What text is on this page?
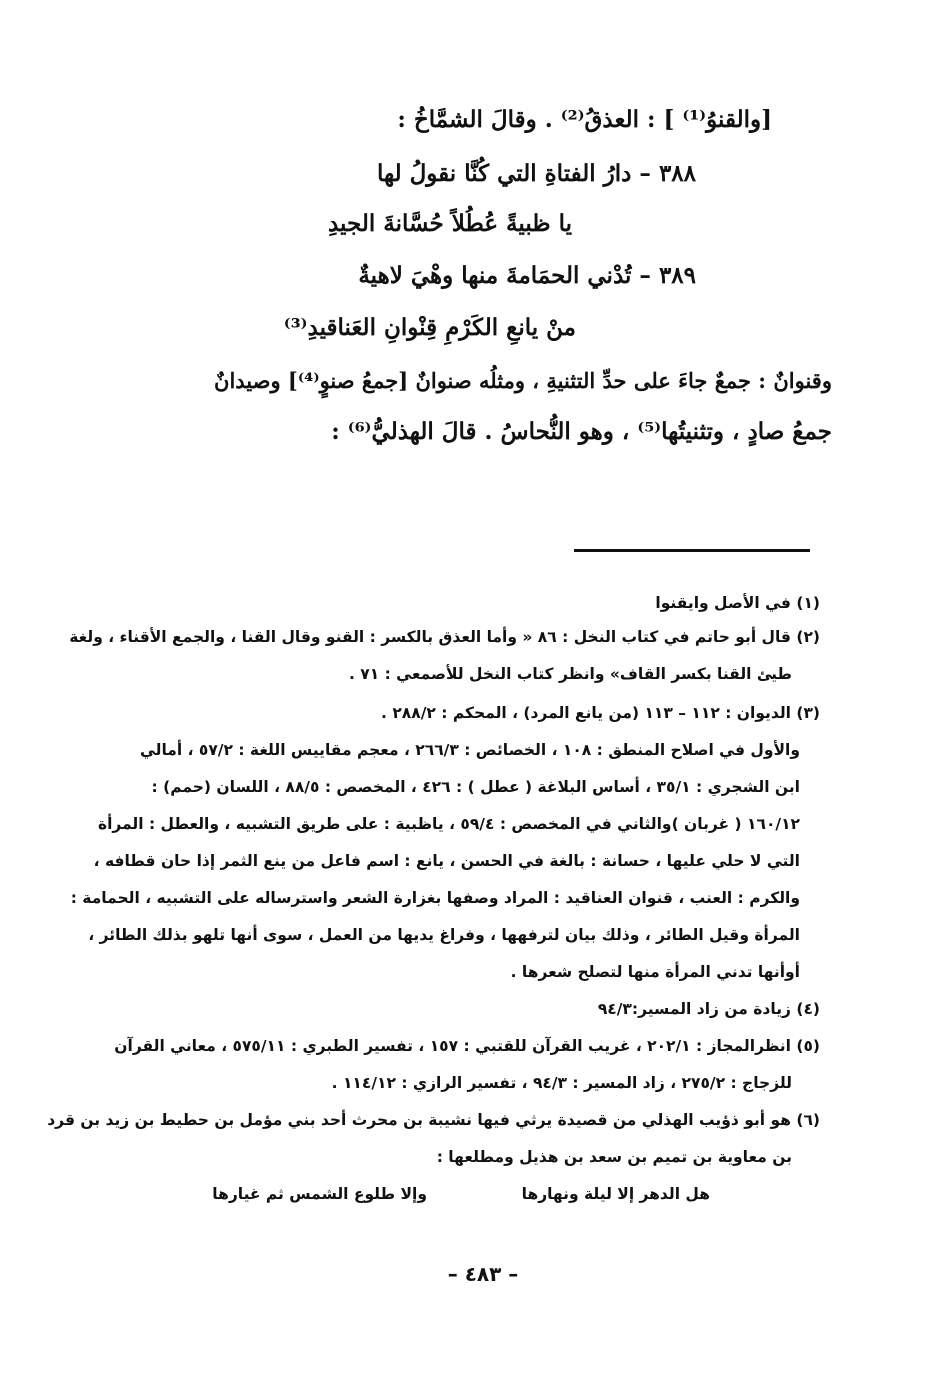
[والقنوُ⁽¹⁾ ] : العذقُ⁽²⁾ . وقالَ الشمَّاخُ :
٣٨٨ – دارُ الفتاةِ التي كُنَّا نقولُ لها
يا ظبيةً عُطُلاً حُسَّانةَ الجيدِ
٣٨٩ – تُدْني الحمَامةَ منها وهْيَ لاهيةٌ
منْ يانعِ الكَرْمِ قِنْوانِ العَناقيدِ⁽³⁾
وقنوانٌ : جمعٌ جاءَ على حدِّ التثنيةِ ، ومثلُه صنوانٌ [جمعُ صنوٍ⁽⁴⁾] وصيدانٌ
جمعُ صادٍ ، وتثنيتُها⁽⁵⁾ ، وهو النُّحاسُ . قالَ الهذليُّ⁽⁶⁾ :
(١) في الأصل وايقنوا
(٢) قال أبو حاتم في كتاب النخل : ٨٦ « وأما العذق بالكسر : القنو وقال القنا ، والجمع الأقناء ، ولغة
طيئ القنا بكسر القاف» وانظر كتاب النخل للأصمعي : ٧١ .
(٣) الديوان : ١١٢ – ١١٣ (من يانع المرد) ، المحكم : ٢٨٨/٢ .
والأول في اصلاح المنطق : ١٠٨ ، الخصائص : ٢٦٦/٣ ، معجم مقاييس اللغة : ٥٧/٢ ، أمالي
ابن الشجري : ٣٥/١ ، أساس البلاغة ( عطل ) : ٤٢٦ ، المخصص : ٨٨/٥ ، اللسان (حمم) :
١٦٠/١٢ ( غربان )والثاني في المخصص : ٥٩/٤ ، ياظبية : على طريق التشبيه ، والعطل : المرأة
التي لا حلي عليها ، حسانة : بالغة في الحسن ، يانع : اسم فاعل من ينع الثمر إذا حان قطافه ،
والكرم : العنب ، قنوان العناقيد : المراد وصفها بغزارة الشعر واسترساله على التشبيه ، الحمامة :
المرأة وقيل الطائر ، وذلك بيان لترفهها ، وفراغ يديها من العمل ، سوى أنها تلهو بذلك الطائر ،
أوأنها تدني المرأة منها لتصلح شعرها .
(٤) زيادة من زاد المسير:٩٤/٣
(٥) انظرالمجاز : ٢٠٢/١ ، غريب القرآن للقتبي : ١٥٧ ، تفسير الطبري : ٥٧٥/١١ ، معاني القرآن
للزجاج : ٢٧٥/٢ ، زاد المسير : ٩٤/٣ ، تفسير الرازي : ١١٤/١٢ .
(٦) هو أبو ذؤيب الهذلي من قصيدة يرثي فيها نشيبة بن محرث أحد بني مؤمل بن حطيط بن زيد بن قرد
بن معاوية بن تميم بن سعد بن هذيل ومطلعها :
هل الدهر إلا ليلة ونهارها
وإلا طلوع الشمس ثم غيارها
– ٤٨٣ –
